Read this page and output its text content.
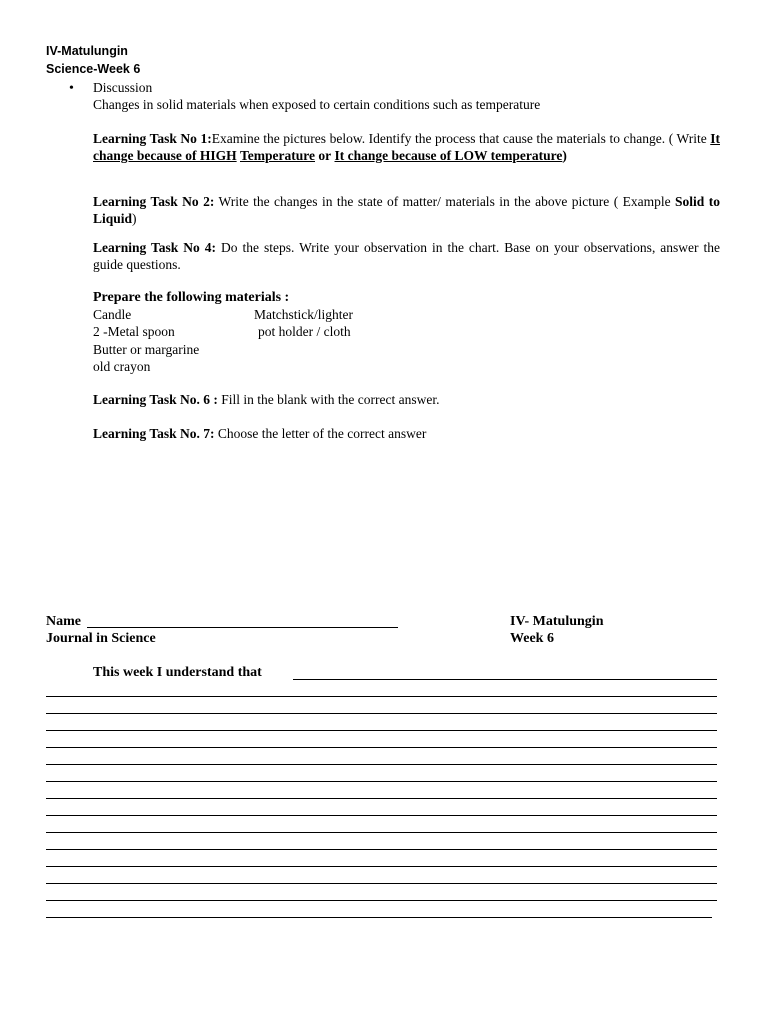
IV-Matulungin
Science-Week 6
• Discussion
Changes in solid materials when exposed to certain conditions such as temperature
Learning Task No 1:Examine the pictures below. Identify the process that cause the materials to change. ( Write It change because of HIGH Temperature or It change because of LOW temperature)
Learning Task No 2: Write the changes in the state of matter/ materials in the above picture ( Example Solid to Liquid)
Learning Task No 4: Do the steps. Write your observation in the chart. Base on your observations, answer the guide questions.
Prepare the following materials :
Candle
2 -Metal spoon
Butter or margarine
old crayon
Matchstick/lighter
pot holder / cloth
Learning Task No. 6 : Fill in the blank with the correct answer.
Learning Task No. 7: Choose the letter of the correct answer
Name	IV- Matulungin
Journal in Science	Week 6
This week I understand that
